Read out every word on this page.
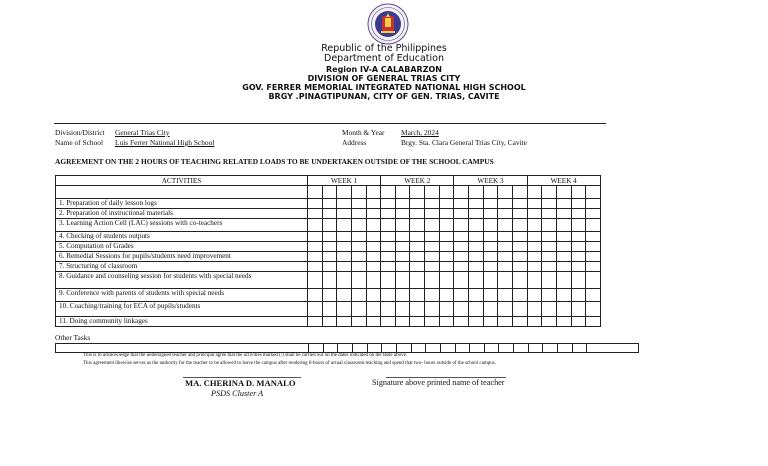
Republic of the Philippines
Department of Education
Region IV-A CALABARZON
DIVISION OF GENERAL TRIAS CITY
GOV. FERRER MEMORIAL INTEGRATED NATIONAL HIGH SCHOOL
BRGY .PINAGTIPUNAN, CITY OF GEN. TRIAS, CAVITE
Division/District General Trias City
Name of School Luis Ferrer National High School
Month & Year March, 2024
Address	Brgy. Sta. Clara General Trias City, Cavite
AGREEMENT ON THE 2 HOURS OF TEACHING RELATED LOADS TO BE UNDERTAKEN OUTSIDE OF THE SCHOOL CAMPUS
ACTIVITIES	WEEK 1					WEEK 2					WEEK 3					WEEK 4				

1. Preparation of daily lesson logs																				
2. Preparation of instructional materials																				
3. Learning Action Cell (LAC) sessions with co-teachers																				
4. Checking of students outputs																				
5. Computation of Grades																				
6. Remedial Sessions for pupils/students need improvement																				
7. Structuring of classroom																				
8. Guidance and counseling session for students with special needs																				
9. Conference with parents of students with special needs																				
10. Coaching/training for ECA of pupils/students																				
11. Doing community linkages																				
Other Tasks
This is to acknowledge that the undersigned teacher and principal agree that the activities marked (/) shall be carried out on the dates indicated on the table above.
This agreement likewise serves as the authority for the teacher to be allowed to leave the campus after rendering 6-hours of actual classroom teaching and spend that two- hours outside of the school campus.
MA. CHERINA D. MANALO
PSDS Cluster A
Signature above printed name of teacher
